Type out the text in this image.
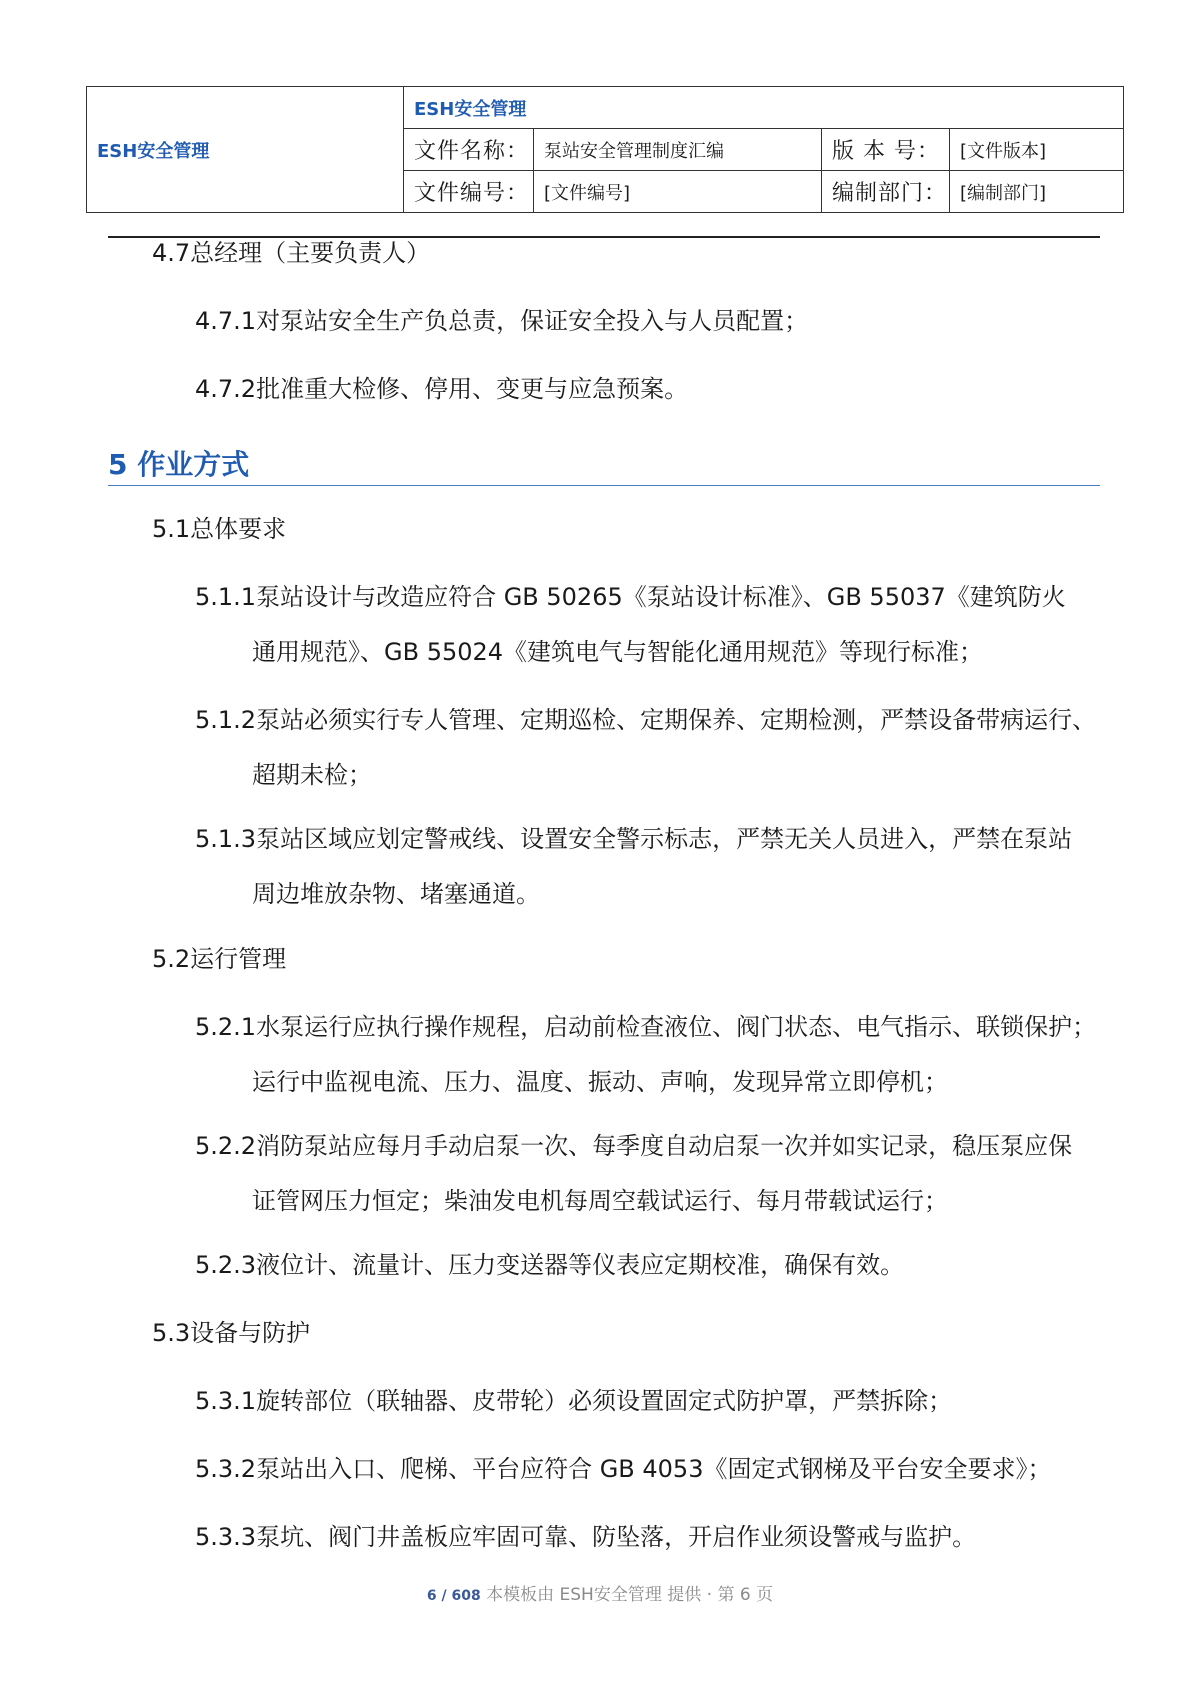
ESH安全管理	ESH安全管理			
	文件名称：	泵站安全管理制度汇编	版 本 号：	[文件版本]
	文件编号：	[文件编号]	编制部门：	[编制部门]

4.7总经理（主要负责人）

4.7.1对泵站安全生产负总责，保证安全投入与人员配置；

4.7.2批准重大检修、停用、变更与应急预案。

5 作业方式

5.1总体要求

5.1.1泵站设计与改造应符合 GB 50265《泵站设计标准》、GB 55037《建筑防火

通用规范》、GB 55024《建筑电气与智能化通用规范》等现行标准；

5.1.2泵站必须实行专人管理、定期巡检、定期保养、定期检测，严禁设备带病运行、

超期未检；

5.1.3泵站区域应划定警戒线、设置安全警示标志，严禁无关人员进入，严禁在泵站

周边堆放杂物、堵塞通道。

5.2运行管理

5.2.1水泵运行应执行操作规程，启动前检查液位、阀门状态、电气指示、联锁保护；

运行中监视电流、压力、温度、振动、声响，发现异常立即停机；

5.2.2消防泵站应每月手动启泵一次、每季度自动启泵一次并如实记录，稳压泵应保

证管网压力恒定；柴油发电机每周空载试运行、每月带载试运行；

5.2.3液位计、流量计、压力变送器等仪表应定期校准，确保有效。

5.3设备与防护

5.3.1旋转部位（联轴器、皮带轮）必须设置固定式防护罩，严禁拆除；

5.3.2泵站出入口、爬梯、平台应符合 GB 4053《固定式钢梯及平台安全要求》；

5.3.3泵坑、阀门井盖板应牢固可靠、防坠落，开启作业须设警戒与监护。

6 / 608 本模板由 ESH安全管理 提供 · 第 6 页
